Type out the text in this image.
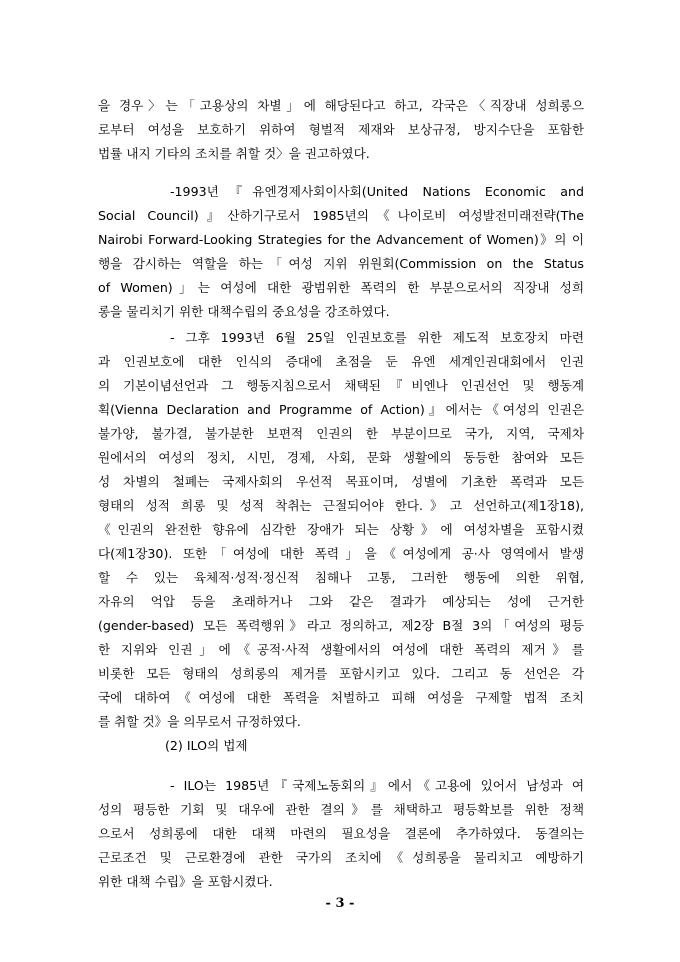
을 경우〉는「고용상의 차별」에 해당된다고 하고, 각국은〈직장내 성희롱으
로부터 여성을 보호하기 위하여 형벌적 제재와 보상규정, 방지수단을 포함한
법률 내지 기타의 조치를 취할 것〉을 권고하였다.
-1993년『유엔경제사회이사회(United Nations Economic and
Social Council)』산하기구로서 1985년의《나이로비 여성발전미래전략(The
Nairobi Forward-Looking Strategies for the Advancement of Women)》의 이
행을 감시하는 역할을 하는「여성 지위 위원회(Commission on the Status
of Women)」는 여성에 대한 광범위한 폭력의 한 부분으로서의 직장내 성희
롱을 물리치기 위한 대책수립의 중요성을 강조하였다.
- 그후 1993년 6월 25일 인권보호를 위한 제도적 보호장치 마련
과 인권보호에 대한 인식의 증대에 초점을 둔 유엔 세계인권대회에서 인권
의 기본이념선언과 그 행동지침으로서 채택된『비엔나 인권선언 및 행동계
획(Vienna Declaration and Programme of Action)』에서는《여성의 인권은
불가양, 불가결, 불가분한 보편적 인권의 한 부분이므로 국가, 지역, 국제차
원에서의 여성의 정치, 시민, 경제, 사회, 문화 생활에의 동등한 참여와 모든
성 차별의 철폐는 국제사회의 우선적 목표이며, 성별에 기초한 폭력과 모든
형태의 성적 희롱 및 성적 착취는 근절되어야 한다.》고 선언하고(제1장18),
《인권의 완전한 향유에 심각한 장애가 되는 상황》에 여성차별을 포함시켰
다(제1장30). 또한「여성에 대한 폭력」을《여성에게 공·사 영역에서 발생
할 수 있는 육체적·성적·정신적 침해나 고통, 그러한 행동에 의한 위협,
자유의 억압 등을 초래하거나 그와 같은 결과가 예상되는 성에 근거한
(gender-based) 모든 폭력행위》라고 정의하고, 제2장 B절 3의「여성의 평등
한 지위와 인권」에《공적·사적 생활에서의 여성에 대한 폭력의 제거》를
비롯한 모든 형태의 성희롱의 제거를 포함시키고 있다. 그리고 동 선언은 각
국에 대하여《여성에 대한 폭력을 처벌하고 피해 여성을 구제할 법적 조치
를 취할 것》을 의무로서 규정하였다.
(2) ILO의 법제
- ILO는 1985년『국제노동회의』에서《고용에 있어서 남성과 여
성의 평등한 기회 및 대우에 관한 결의》를 채택하고 평등확보를 위한 정책
으로서 성희롱에 대한 대책 마련의 필요성을 결론에 추가하였다. 동결의는
근로조건 및 근로환경에 관한 국가의 조치에《성희롱을 물리치고 예방하기
위한 대책 수립》을 포함시켰다.
- 3 -
